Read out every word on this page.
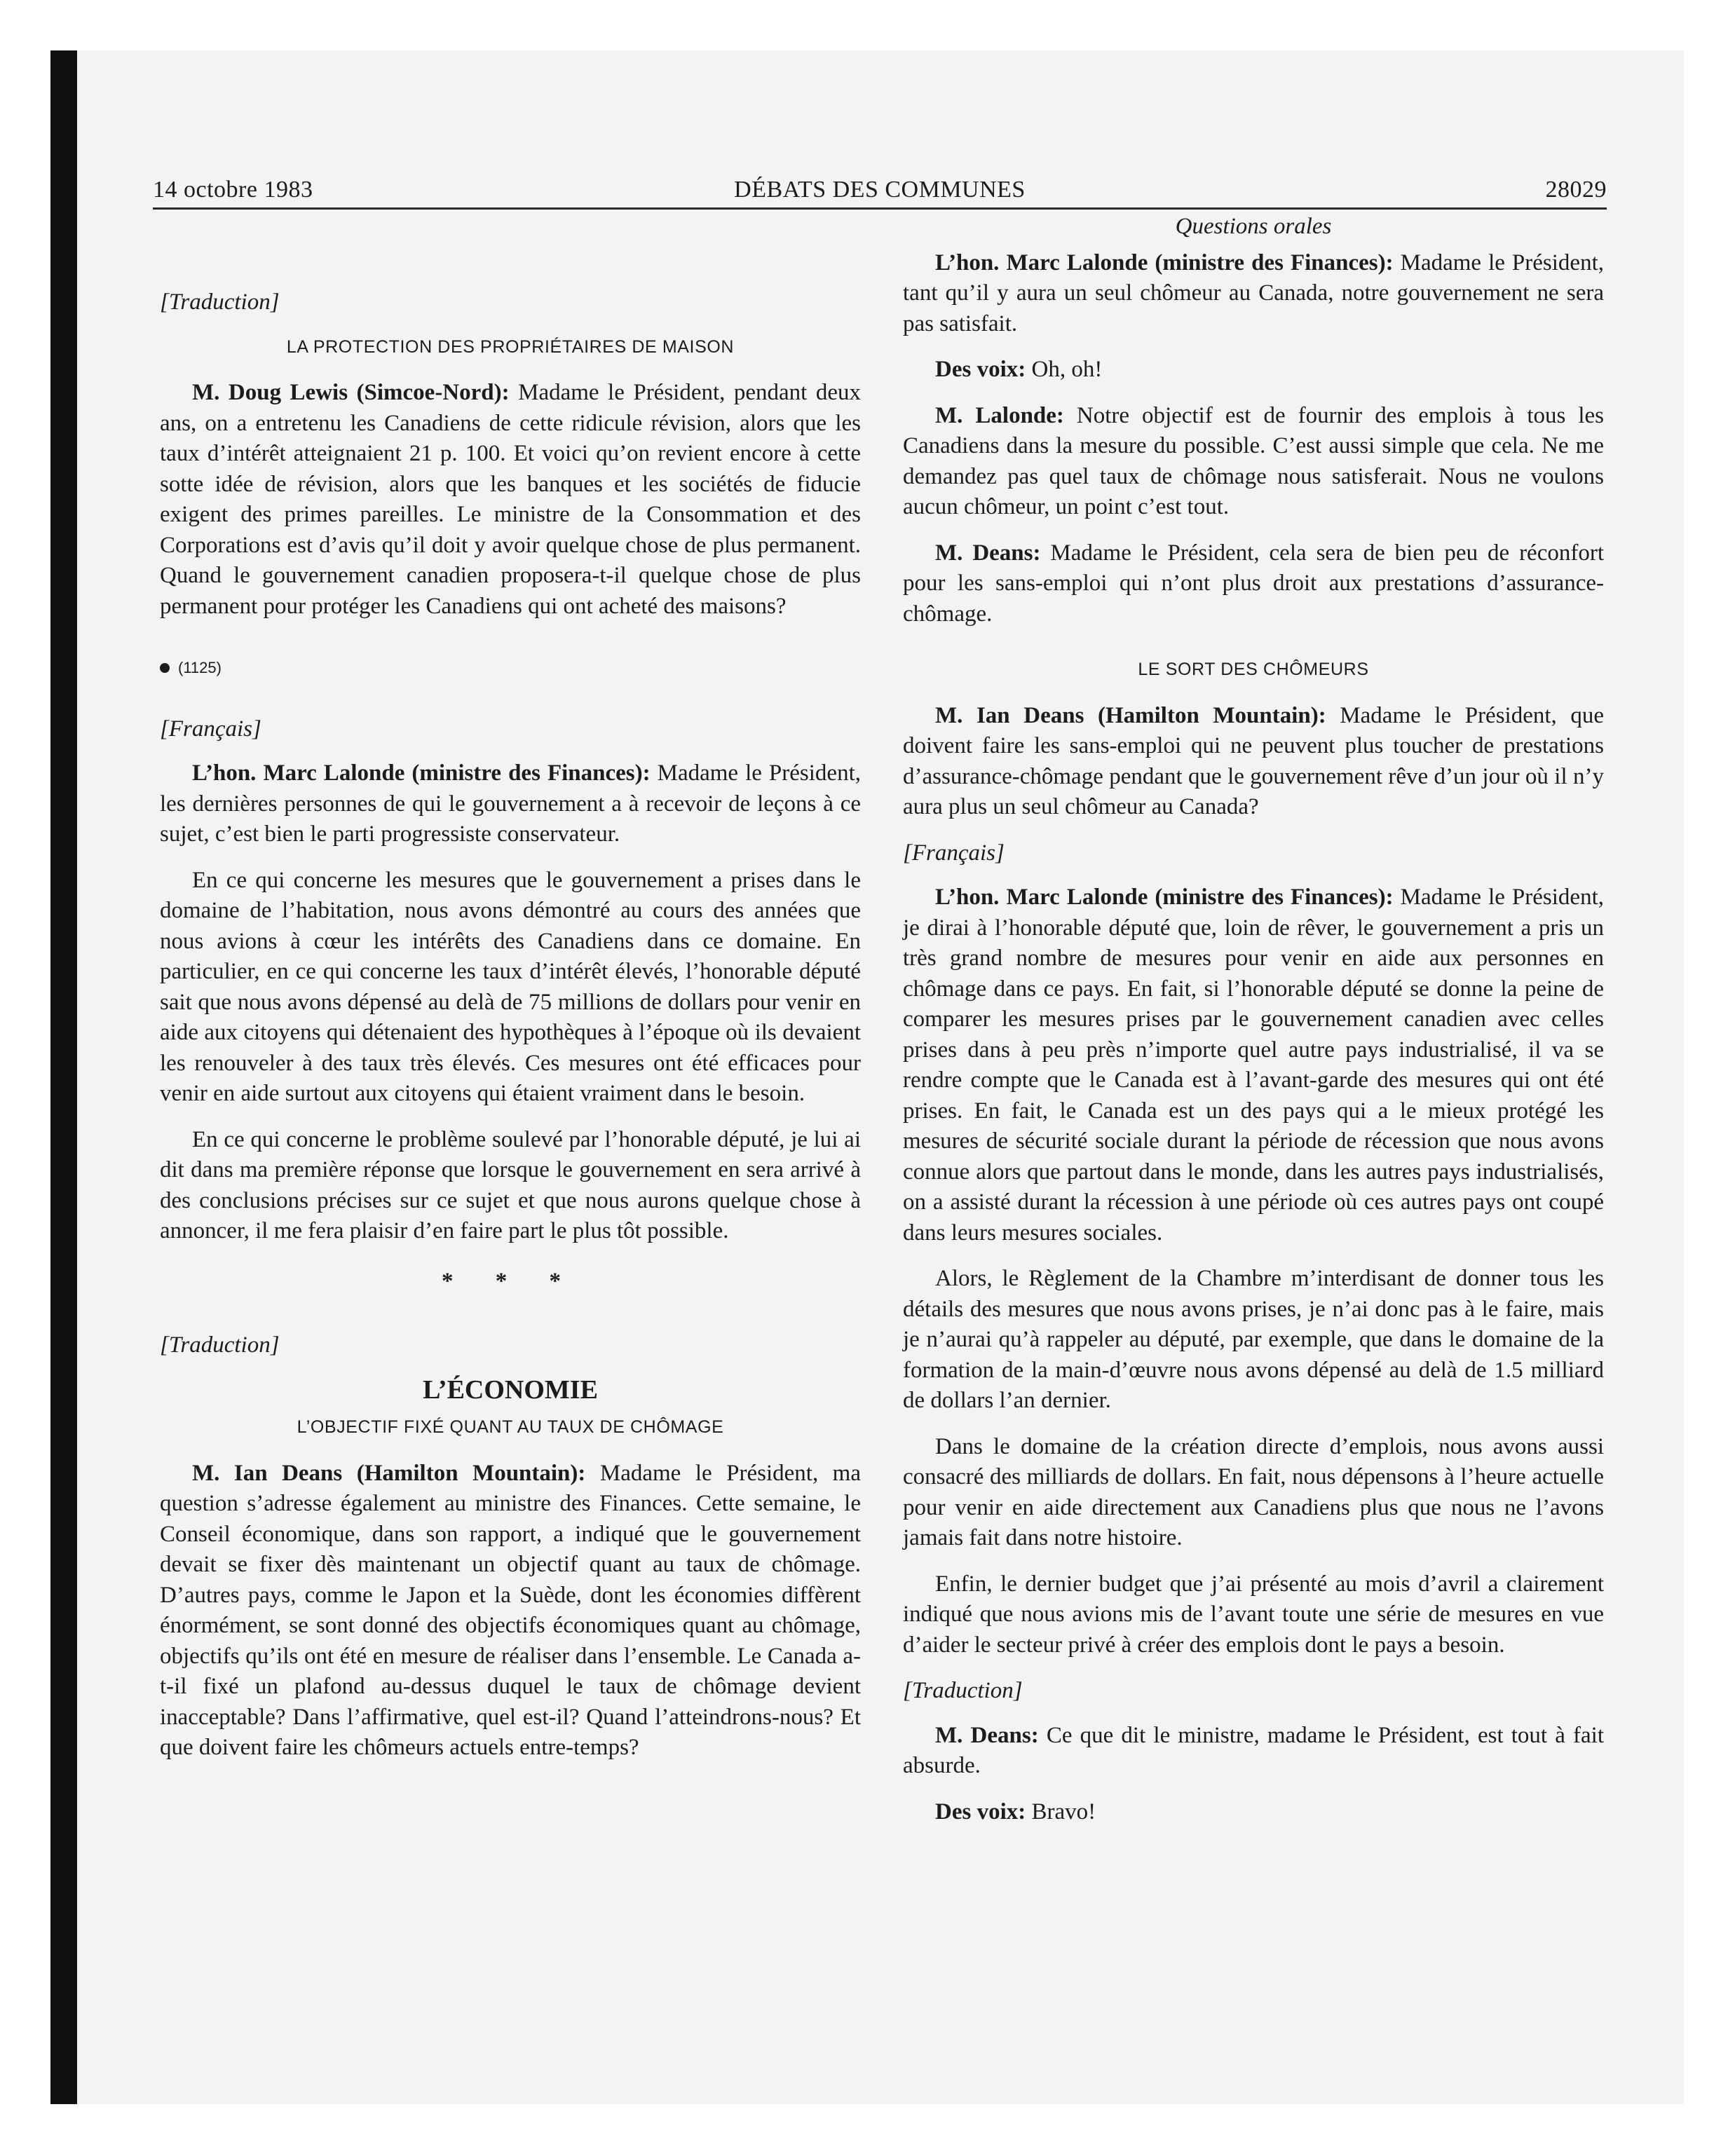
14 octobre 1983	DÉBATS DES COMMUNES	28029

[Traduction]

LA PROTECTION DES PROPRIÉTAIRES DE MAISON

M. Doug Lewis (Simcoe-Nord): Madame le Président, pendant deux ans, on a entretenu les Canadiens de cette ridicule révision, alors que les taux d’intérêt atteignaient 21 p. 100. Et voici qu’on revient encore à cette sotte idée de révision, alors que les banques et les sociétés de fiducie exigent des primes pareilles. Le ministre de la Consommation et des Corporations est d’avis qu’il doit y avoir quelque chose de plus permanent. Quand le gouvernement canadien proposera-t-il quelque chose de plus permanent pour protéger les Canadiens qui ont acheté des maisons?

(1125)

[Français]

L’hon. Marc Lalonde (ministre des Finances): Madame le Président, les dernières personnes de qui le gouvernement a à recevoir de leçons à ce sujet, c’est bien le parti progressiste conservateur.

En ce qui concerne les mesures que le gouvernement a prises dans le domaine de l’habitation, nous avons démontré au cours des années que nous avions à cœur les intérêts des Canadiens dans ce domaine. En particulier, en ce qui concerne les taux d’intérêt élevés, l’honorable député sait que nous avons dépensé au delà de 75 millions de dollars pour venir en aide aux citoyens qui détenaient des hypothèques à l’époque où ils devaient les renouveler à des taux très élevés. Ces mesures ont été efficaces pour venir en aide surtout aux citoyens qui étaient vraiment dans le besoin.

En ce qui concerne le problème soulevé par l’honorable député, je lui ai dit dans ma première réponse que lorsque le gouvernement en sera arrivé à des conclusions précises sur ce sujet et que nous aurons quelque chose à annoncer, il me fera plaisir d’en faire part le plus tôt possible.

* * *

[Traduction]

L’ÉCONOMIE

L’OBJECTIF FIXÉ QUANT AU TAUX DE CHÔMAGE

M. Ian Deans (Hamilton Mountain): Madame le Président, ma question s’adresse également au ministre des Finances. Cette semaine, le Conseil économique, dans son rapport, a indiqué que le gouvernement devait se fixer dès maintenant un objectif quant au taux de chômage. D’autres pays, comme le Japon et la Suède, dont les économies diffèrent énormément, se sont donné des objectifs économiques quant au chômage, objectifs qu’ils ont été en mesure de réaliser dans l’ensemble. Le Canada a-t-il fixé un plafond au-dessus duquel le taux de chômage devient inacceptable? Dans l’affirmative, quel est-il? Quand l’atteindrons-nous? Et que doivent faire les chômeurs actuels entre-temps?

Questions orales

L’hon. Marc Lalonde (ministre des Finances): Madame le Président, tant qu’il y aura un seul chômeur au Canada, notre gouvernement ne sera pas satisfait.

Des voix: Oh, oh!

M. Lalonde: Notre objectif est de fournir des emplois à tous les Canadiens dans la mesure du possible. C’est aussi simple que cela. Ne me demandez pas quel taux de chômage nous satisferait. Nous ne voulons aucun chômeur, un point c’est tout.

M. Deans: Madame le Président, cela sera de bien peu de réconfort pour les sans-emploi qui n’ont plus droit aux prestations d’assurance-chômage.

LE SORT DES CHÔMEURS

M. Ian Deans (Hamilton Mountain): Madame le Président, que doivent faire les sans-emploi qui ne peuvent plus toucher de prestations d’assurance-chômage pendant que le gouvernement rêve d’un jour où il n’y aura plus un seul chômeur au Canada?

[Français]

L’hon. Marc Lalonde (ministre des Finances): Madame le Président, je dirai à l’honorable député que, loin de rêver, le gouvernement a pris un très grand nombre de mesures pour venir en aide aux personnes en chômage dans ce pays. En fait, si l’honorable député se donne la peine de comparer les mesures prises par le gouvernement canadien avec celles prises dans à peu près n’importe quel autre pays industrialisé, il va se rendre compte que le Canada est à l’avant-garde des mesures qui ont été prises. En fait, le Canada est un des pays qui a le mieux protégé les mesures de sécurité sociale durant la période de récession que nous avons connue alors que partout dans le monde, dans les autres pays industrialisés, on a assisté durant la récession à une période où ces autres pays ont coupé dans leurs mesures sociales.

Alors, le Règlement de la Chambre m’interdisant de donner tous les détails des mesures que nous avons prises, je n’ai donc pas à le faire, mais je n’aurai qu’à rappeler au député, par exemple, que dans le domaine de la formation de la main-d’œuvre nous avons dépensé au delà de 1.5 milliard de dollars l’an dernier.

Dans le domaine de la création directe d’emplois, nous avons aussi consacré des milliards de dollars. En fait, nous dépensons à l’heure actuelle pour venir en aide directement aux Canadiens plus que nous ne l’avons jamais fait dans notre histoire.

Enfin, le dernier budget que j’ai présenté au mois d’avril a clairement indiqué que nous avions mis de l’avant toute une série de mesures en vue d’aider le secteur privé à créer des emplois dont le pays a besoin.

[Traduction]

M. Deans: Ce que dit le ministre, madame le Président, est tout à fait absurde.

Des voix: Bravo!
